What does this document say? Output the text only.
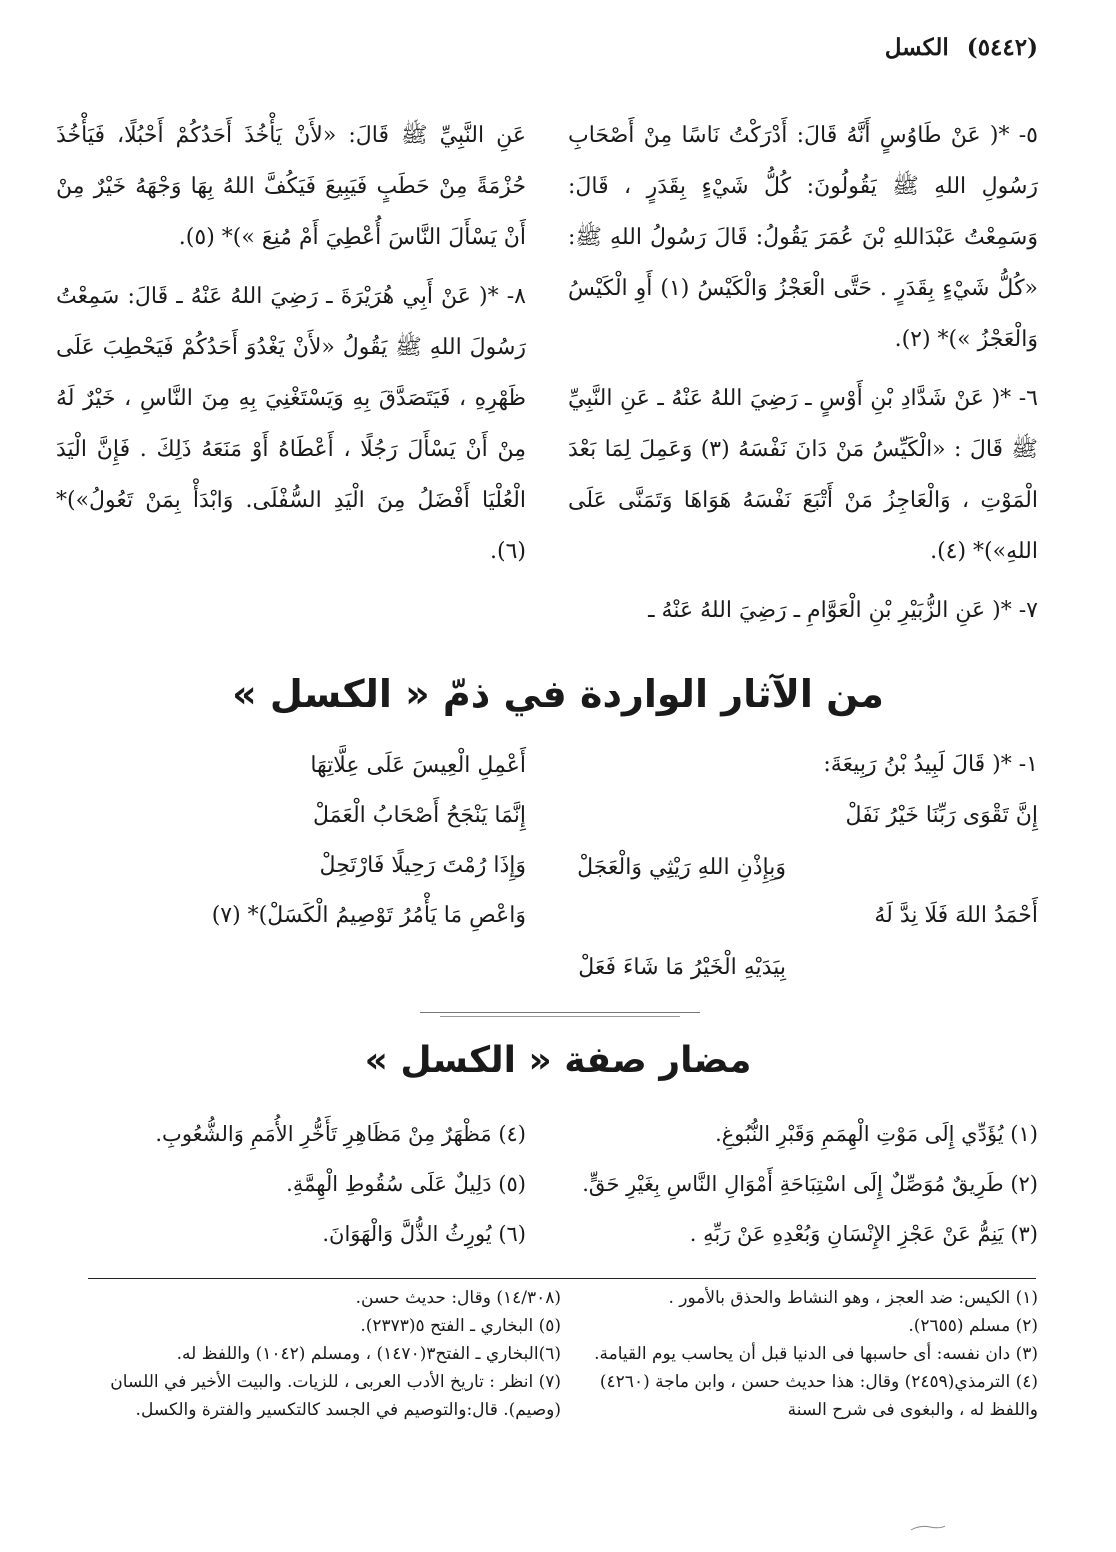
(٥٤٤٢) الكسل

٥- *( عَنْ طَاوُسٍ أَنَّهُ قَالَ: أَدْرَكْتُ نَاسًا مِنْ أَصْحَابِ رَسُولِ اللهِ ﷺ يَقُولُونَ: كُلُّ شَيْءٍ بِقَدَرٍ ، قَالَ: وَسَمِعْتُ عَبْدَاللهِ بْنَ عُمَرَ يَقُولُ: قَالَ رَسُولُ اللهِ ﷺ: «كُلُّ شَيْءٍ بِقَدَرٍ . حَتَّى الْعَجْزُ وَالْكَيْسُ (١) أَوِ الْكَيْسُ وَالْعَجْزُ »)* (٢).

٦- *( عَنْ شَدَّادِ بْنِ أَوْسٍ ـ رَضِيَ اللهُ عَنْهُ ـ عَنِ النَّبِيِّ ﷺ قَالَ : «الْكَيِّسُ مَنْ دَانَ نَفْسَهُ (٣) وَعَمِلَ لِمَا بَعْدَ الْمَوْتِ ، وَالْعَاجِزُ مَنْ أَتْبَعَ نَفْسَهُ هَوَاهَا وَتَمَنَّى عَلَى اللهِ»)* (٤).

٧- *( عَنِ الزُّبَيْرِ بْنِ الْعَوَّامِ ـ رَضِيَ اللهُ عَنْهُ ـ

عَنِ النَّبِيِّ ﷺ قَالَ: «لأَنْ يَأْخُذَ أَحَدُكُمْ أَحْبُلًا، فَيَأْخُذَ حُزْمَةً مِنْ حَطَبٍ فَيَبِيعَ فَيَكُفَّ اللهُ بِهَا وَجْهَهُ خَيْرٌ مِنْ أَنْ يَسْأَلَ النَّاسَ أُعْطِيَ أَمْ مُنِعَ »)* (٥).

٨- *( عَنْ أَبِي هُرَيْرَةَ ـ رَضِيَ اللهُ عَنْهُ ـ قَالَ: سَمِعْتُ رَسُولَ اللهِ ﷺ يَقُولُ «لأَنْ يَغْدُوَ أَحَدُكُمْ فَيَحْطِبَ عَلَى ظَهْرِهِ ، فَيَتَصَدَّقَ بِهِ وَيَسْتَغْنِيَ بِهِ مِنَ النَّاسِ ، خَيْرٌ لَهُ مِنْ أَنْ يَسْأَلَ رَجُلًا ، أَعْطَاهُ أَوْ مَنَعَهُ ذَلِكَ . فَإِنَّ الْيَدَ الْعُلْيَا أَفْضَلُ مِنَ الْيَدِ السُّفْلَى. وَابْدَأْ بِمَنْ تَعُولُ»)* (٦).

من الآثار الواردة في ذمّ « الكسل »
١- *( قَالَ لَبِيدُ بْنُ رَبِيعَةَ:
إِنَّ تَقْوَى رَبِّنَا خَيْرُ نَفَلْ
أَعْمِلِ الْعِيسَ عَلَى عِلَّاتِهَا
وَبِإِذْنِ اللهِ رَيْثِي وَالْعَجَلْ
إِنَّمَا يَنْجَحُ أَصْحَابُ الْعَمَلْ
أَحْمَدُ اللهَ فَلَا نِدَّ لَهُ
وَإِذَا رُمْتَ رَحِيلًا فَارْتَحِلْ
بِيَدَيْهِ الْخَيْرُ مَا شَاءَ فَعَلْ
وَاعْصِ مَا يَأْمُرُ تَوْصِيمُ الْكَسَلْ)* (٧)
مضار صفة « الكسل »
(١) يُؤَدِّي إِلَى مَوْتِ الْهِمَمِ وَقَبْرِ النُّبُوغِ.
(٢) طَرِيقٌ مُوَصِّلٌ إِلَى اسْتِبَاحَةِ أَمْوَالِ النَّاسِ بِغَيْرِ حَقٍّ.
(٣) يَنِمُّ عَنْ عَجْزِ الإِنْسَانِ وَبُعْدِهِ عَنْ رَبِّهِ .
(٤) مَظْهَرٌ مِنْ مَظَاهِرِ تَأَخُّرِ الأُمَمِ وَالشُّعُوبِ.
(٥) دَلِيلٌ عَلَى سُقُوطِ الْهِمَّةِ.
(٦) يُورِثُ الذُّلَّ وَالْهَوَانَ.

(١) الكيس: ضد العجز ، وهو النشاط والحذق بالأمور .

(٢) مسلم (٢٦٥٥).

(٣) دان نفسه: أى حاسبها فى الدنيا قبل أن يحاسب يوم القيامة.

(٤) الترمذي(٢٤٥٩) وقال: هذا حديث حسن ، وابن ماجة (٤٢٦٠) واللفظ له ، والبغوى فى شرح السنة

(١٤/٣٠٨) وقال: حديث حسن.

(٥) البخاري ـ الفتح ٥(٢٣٧٣).

(٦)البخاري ـ الفتح٣(١٤٧٠) ، ومسلم (١٠٤٢) واللفظ له.

(٧) انظر : تاريخ الأدب العربى ، للزيات. والبيت الأخير في اللسان (وصيم). قال:والتوصيم في الجسد كالتكسير والفترة والكسل.
